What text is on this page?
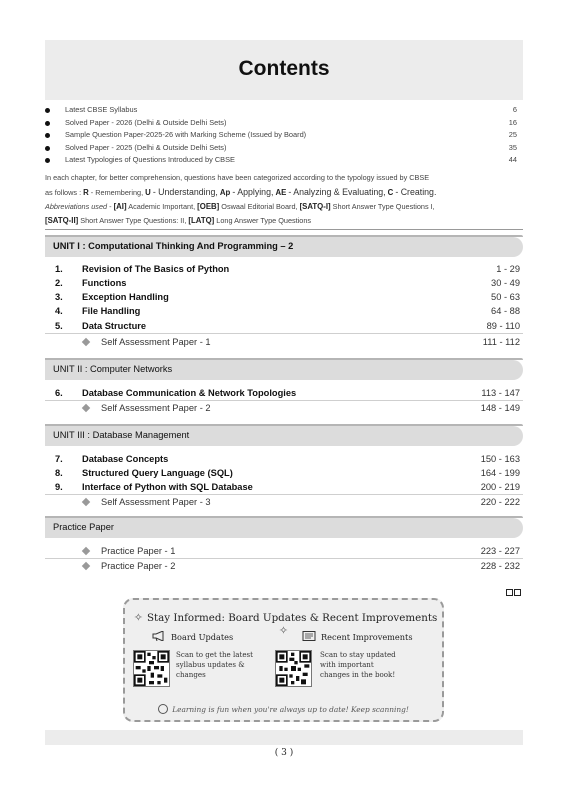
Contents
Latest CBSE Syllabus	6
Solved Paper - 2026 (Delhi & Outside Delhi Sets)	16
Sample Question Paper-2025-26 with Marking Scheme (Issued by Board)	25
Solved Paper - 2025 (Delhi & Outside Delhi Sets)	35
Latest Typologies of Questions Introduced by CBSE	44
In each chapter, for better comprehension, questions have been categorized according to the typology issued by CBSE
as follows : R - Remembering, U - Understanding, Ap - Applying, AE - Analyzing & Evaluating, C - Creating.
Abbreviations used - [AI] Academic Important, [OEB] Oswaal Editorial Board, [SATQ-I] Short Answer Type Questions I,
[SATQ-II] Short Answer Type Questions: II, [LATQ] Long Answer Type Questions
UNIT I : Computational Thinking And Programming – 2
1. Revision of The Basics of Python	1 - 29
2. Functions	30 - 49
3. Exception Handling	50 - 63
4. File Handling	64 - 88
5. Data Structure	89 - 110
Self Assessment Paper - 1	111 - 112
UNIT II : Computer Networks
6. Database Communication & Network Topologies	113 - 147
Self Assessment Paper - 2	148 - 149
UNIT III : Database Management
7. Database Concepts	150 - 163
8. Structured Query Language (SQL)	164 - 199
9. Interface of Python with SQL Database	200 - 219
Self Assessment Paper - 3	220 - 222
Practice Paper
Practice Paper - 1	223 - 227
Practice Paper - 2	228 - 232
✧ Stay Informed: Board Updates & Recent Improvements✧
Board Updates	Recent Improvements
Scan to get the latest syllabus updates & changes
Scan to stay updated with important changes in the book!
Learning is fun when you're always up to date! Keep scanning!
( 3 )
